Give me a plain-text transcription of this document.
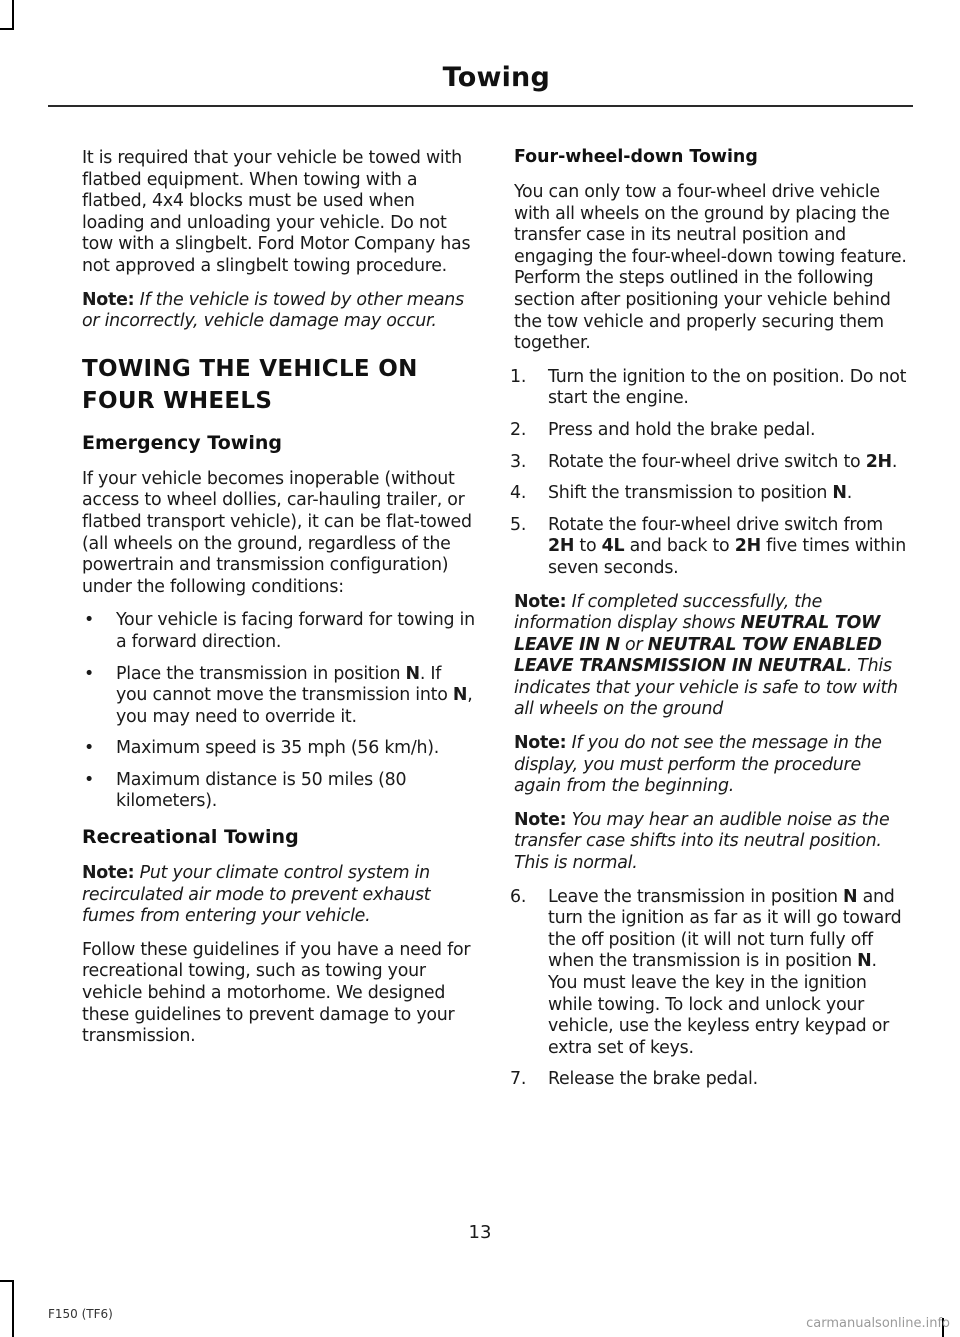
Towing

It is required that your vehicle be towed with flatbed equipment. When towing with a flatbed, 4x4 blocks must be used when loading and unloading your vehicle. Do not tow with a slingbelt. Ford Motor Company has not approved a slingbelt towing procedure.

Note: If the vehicle is towed by other means or incorrectly, vehicle damage may occur.

TOWING THE VEHICLE ON FOUR WHEELS
Emergency Towing

If your vehicle becomes inoperable (without access to wheel dollies, car-hauling trailer, or flatbed transport vehicle), it can be flat-towed (all wheels on the ground, regardless of the powertrain and transmission configuration) under the following conditions:

• Your vehicle is facing forward for towing in a forward direction.
• Place the transmission in position N. If you cannot move the transmission into N, you may need to override it.
• Maximum speed is 35 mph (56 km/h).
• Maximum distance is 50 miles (80 kilometers).
Recreational Towing

Note: Put your climate control system in recirculated air mode to prevent exhaust fumes from entering your vehicle.

Follow these guidelines if you have a need for recreational towing, such as towing your vehicle behind a motorhome. We designed these guidelines to prevent damage to your transmission.

Four-wheel-down Towing

You can only tow a four-wheel drive vehicle with all wheels on the ground by placing the transfer case in its neutral position and engaging the four-wheel-down towing feature. Perform the steps outlined in the following section after positioning your vehicle behind the tow vehicle and properly securing them together.

1. Turn the ignition to the on position. Do not start the engine.
2. Press and hold the brake pedal.
3. Rotate the four-wheel drive switch to 2H.
4. Shift the transmission to position N.
5. Rotate the four-wheel drive switch from 2H to 4L and back to 2H five times within seven seconds.

Note: If completed successfully, the information display shows NEUTRAL TOW LEAVE IN N or NEUTRAL TOW ENABLED LEAVE TRANSMISSION IN NEUTRAL. This indicates that your vehicle is safe to tow with all wheels on the ground

Note: If you do not see the message in the display, you must perform the procedure again from the beginning.

Note: You may hear an audible noise as the transfer case shifts into its neutral position. This is normal.

6. Leave the transmission in position N and turn the ignition as far as it will go toward the off position (it will not turn fully off when the transmission is in position N. You must leave the key in the ignition while towing. To lock and unlock your vehicle, use the keyless entry keypad or extra set of keys.
7. Release the brake pedal.
13
F150 (TF6)
carmanualsonline.info
